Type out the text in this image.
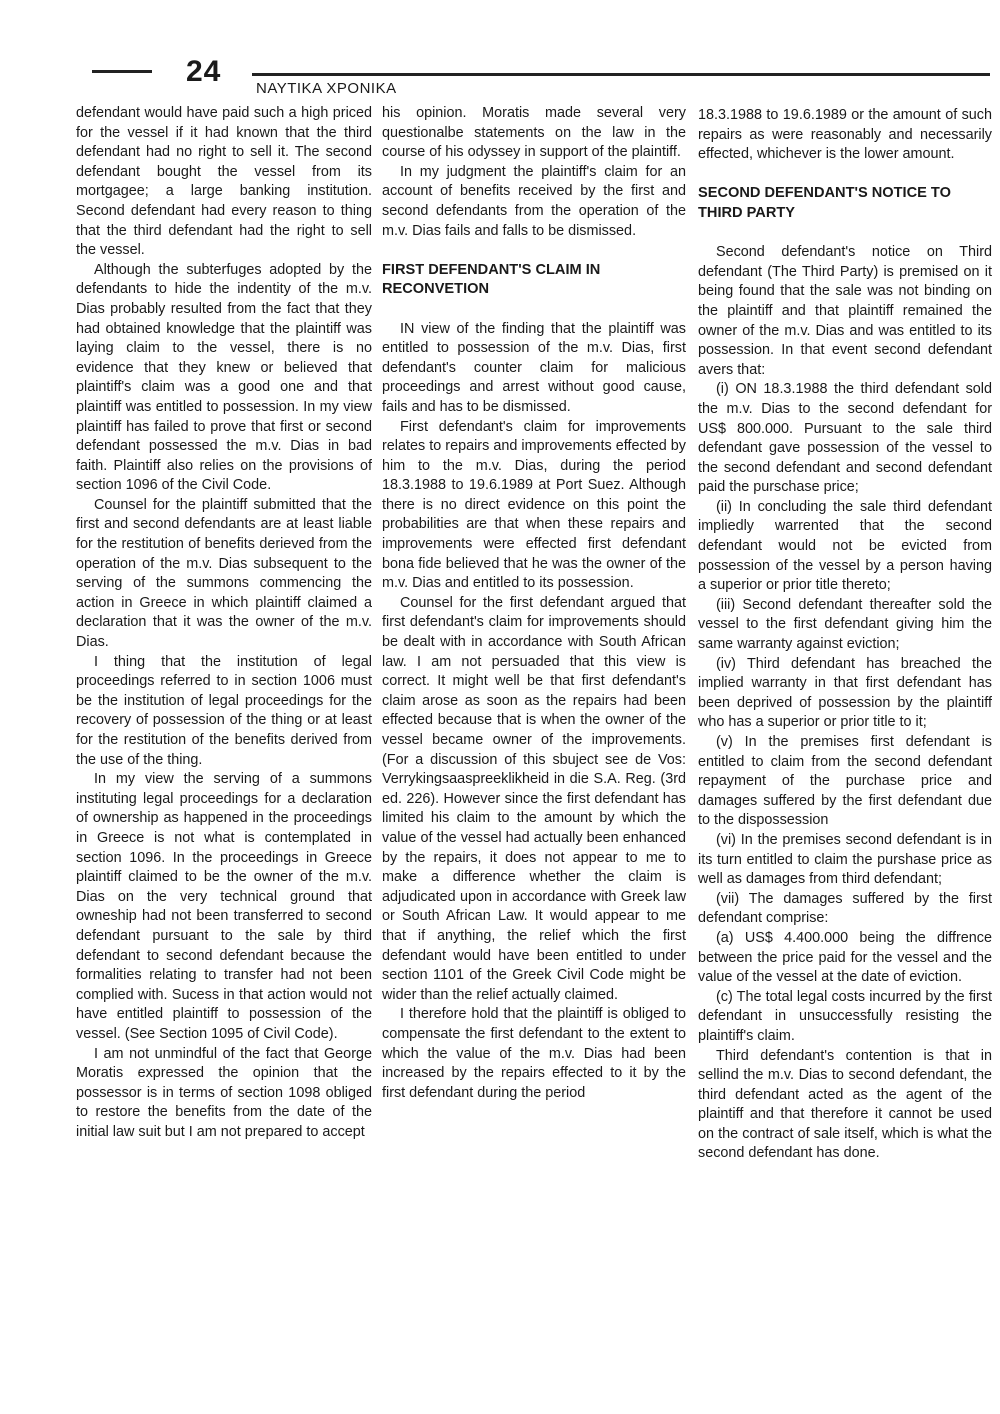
24
NAYTIKA XPONIKA

defendant would have paid such a high priced for the vessel if it had known that the third defendant had no right to sell it. The second defendant bought the vessel from its mortgagee; a large banking institution. Second defendant had every reason to thing that the third defendant had the right to sell the vessel.

Although the subterfuges adopted by the defendants to hide the indentity of the m.v. Dias probably resulted from the fact that they had obtained knowledge that the plaintiff was laying claim to the vessel, there is no evidence that they knew or believed that plaintiff's claim was a good one and that plaintiff was entitled to possession. In my view plaintiff has failed to prove that first or second defendant possessed the m.v. Dias in bad faith. Plaintiff also relies on the provisions of section 1096 of the Civil Code.

Counsel for the plaintiff submitted that the first and second defendants are at least liable for the restitution of benefits derieved from the operation of the m.v. Dias subsequent to the serving of the summons commencing the action in Greece in which plaintiff claimed a declaration that it was the owner of the m.v. Dias.

I thing that the institution of legal proceedings referred to in section 1006 must be the institution of legal proceedings for the recovery of possession of the thing or at least for the restitution of the benefits derived from the use of the thing.

In my view the serving of a summons instituting legal proceedings for a declaration of ownership as happened in the proceedings in Greece is not what is contemplated in section 1096. In the proceedings in Greece plaintiff claimed to be the owner of the m.v. Dias on the very technical ground that owneship had not been transferred to second defendant pursuant to the sale by third defendant to second defendant because the formalities relating to transfer had not been complied with. Sucess in that action would not have entitled plaintiff to possession of the vessel. (See Section 1095 of Civil Code).

I am not unmindful of the fact that George Moratis expressed the opinion that the possessor is in terms of section 1098 obliged to restore the benefits from the date of the initial law suit but I am not prepared to accept

his opinion. Moratis made several very questionalbe statements on the law in the course of his odyssey in support of the plaintiff.

In my judgment the plaintiff's claim for an account of benefits received by the first and second defendants from the operation of the m.v. Dias fails and falls to be dismissed.

FIRST DEFENDANT'S CLAIM IN RECONVETION

IN view of the finding that the plaintiff was entitled to possession of the m.v. Dias, first defendant's counter claim for malicious proceedings and arrest without good cause, fails and has to be dismissed.

First defendant's claim for improvements relates to repairs and improvements effected by him to the m.v. Dias, during the period 18.3.1988 to 19.6.1989 at Port Suez. Although there is no direct evidence on this point the probabilities are that when these repairs and improvements were effected first defendant bona fide believed that he was the owner of the m.v. Dias and entitled to its possession.

Counsel for the first defendant argued that first defendant's claim for improvements should be dealt with in accordance with South African law. I am not persuaded that this view is correct. It might well be that first defendant's claim arose as soon as the repairs had been effected because that is when the owner of the vessel became owner of the improvements. (For a discussion of this sbuject see de Vos: Verrykingsaaspreeklikheid in die S.A. Reg. (3rd ed. 226). However since the first defendant has limited his claim to the amount by which the value of the vessel had actually been enhanced by the repairs, it does not appear to me to make a difference whether the claim is adjudicated upon in accordance with Greek law or South African Law. It would appear to me that if anything, the relief which the first defendant would have been entitled to under section 1101 of the Greek Civil Code might be wider than the relief actually claimed.

I therefore hold that the plaintiff is obliged to compensate the first defendant to the extent to which the value of the m.v. Dias had been increased by the repairs effected to it by the first defendant during the period

18.3.1988 to 19.6.1989 or the amount of such repairs as were reasonably and necessarily effected, whichever is the lower amount.

SECOND DEFENDANT'S NOTICE TO THIRD PARTY

Second defendant's notice on Third defendant (The Third Party) is premised on it being found that the sale was not binding on the plaintiff and that plaintiff remained the owner of the m.v. Dias and was entitled to its possession. In that event second defendant avers that:

(i) ON 18.3.1988 the third defendant sold the m.v. Dias to the second defendant for US$ 800.000. Pursuant to the sale third defendant gave possession of the vessel to the second defendant and second defendant paid the purschase price;

(ii) In concluding the sale third defendant impliedly warrented that the second defendant would not be evicted from possession of the vessel by a person having a superior or prior title thereto;

(iii) Second defendant thereafter sold the vessel to the first defendant giving him the same warranty against eviction;

(iv) Third defendant has breached the implied warranty in that first defendant has been deprived of possession by the plaintiff who has a superior or prior title to it;

(v) In the premises first defendant is entitled to claim from the second defendant repayment of the purchase price and damages suffered by the first defendant due to the dispossession

(vi) In the premises second defendant is in its turn entitled to claim the purshase price as well as damages from third defendant;

(vii) The damages suffered by the first defendant comprise:

(a) US$ 4.400.000 being the diffrence between the price paid for the vessel and the value of the vessel at the date of eviction.

(c) The total legal costs incurred by the first defendant in unsuccessfully resisting the plaintiff's claim.

Third defendant's contention is that in sellind the m.v. Dias to second defendant, the third defendant acted as the agent of the plaintiff and that therefore it cannot be used on the contract of sale itself, which is what the second defendant has done.
